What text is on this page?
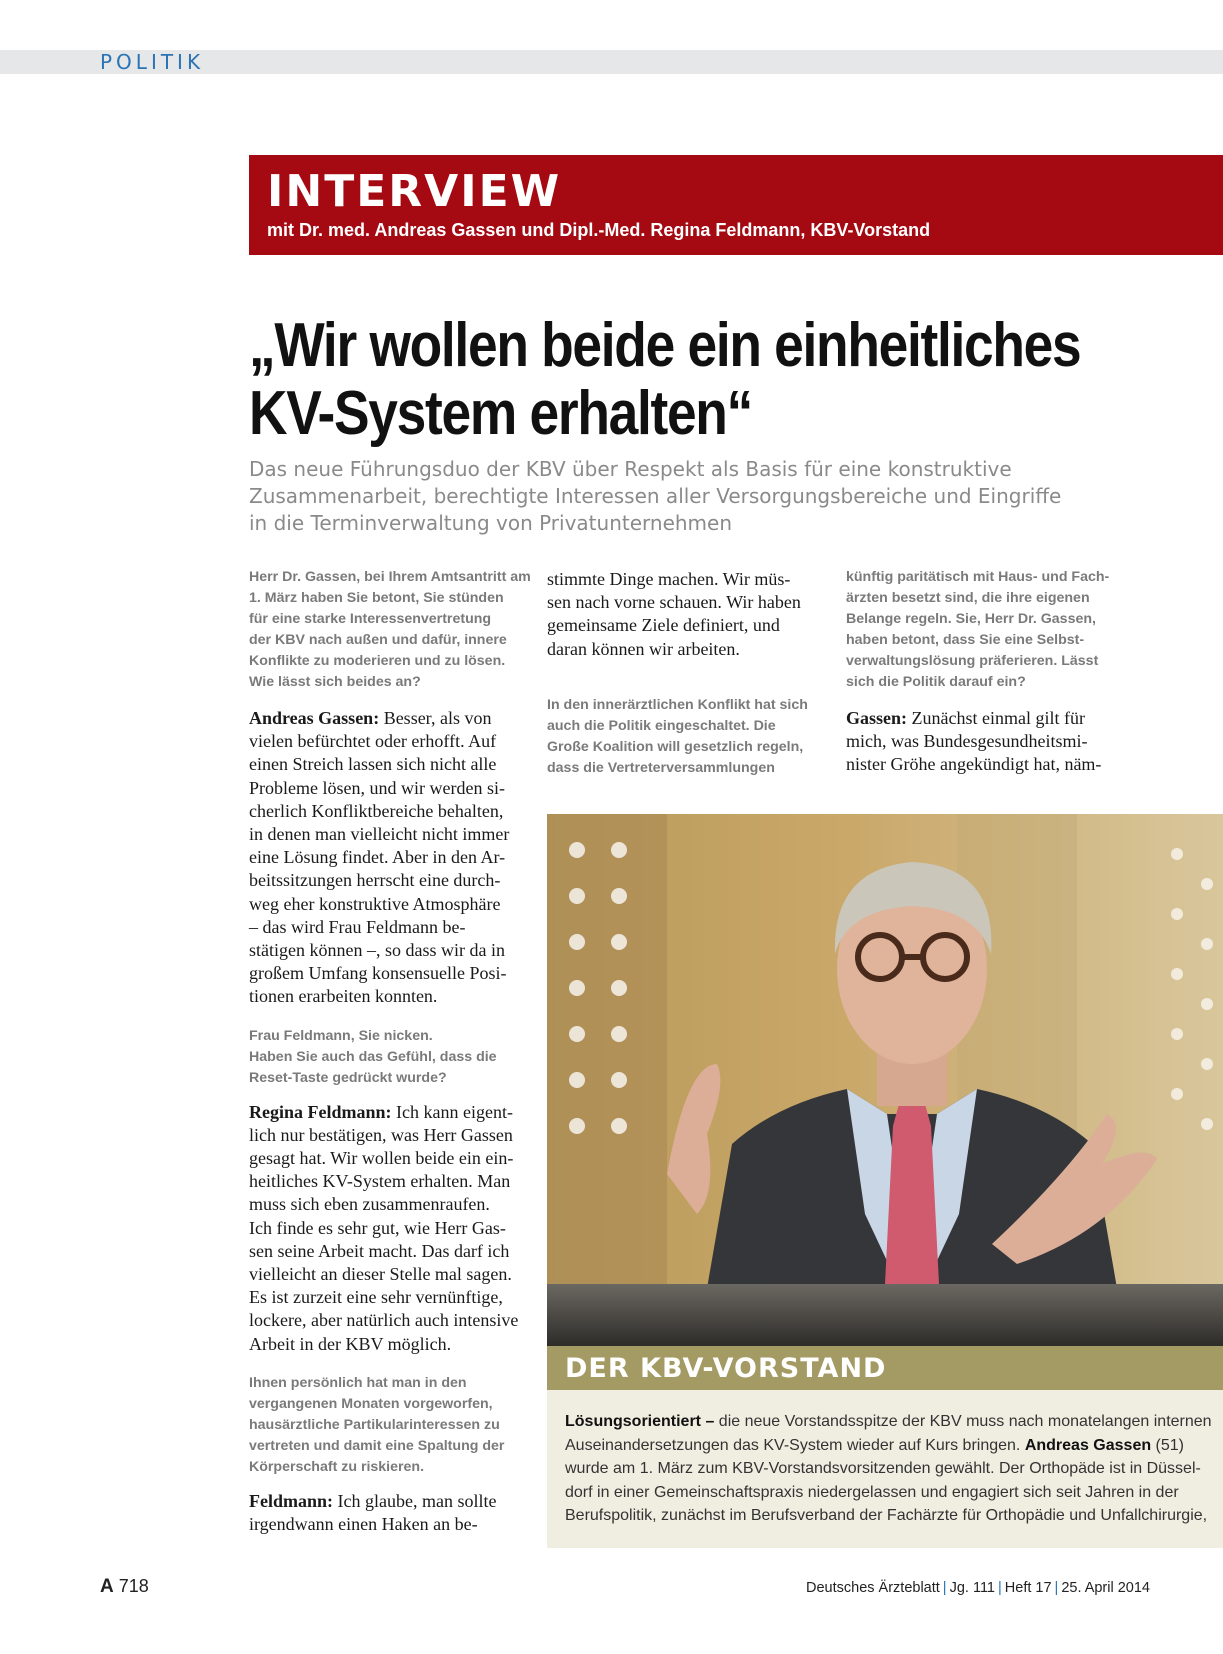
POLITIK
INTERVIEW
mit Dr. med. Andreas Gassen und Dipl.-Med. Regina Feldmann, KBV-Vorstand
„Wir wollen beide ein einheitliches
KV-System erhalten“
Das neue Führungsduo der KBV über Respekt als Basis für eine konstruktive
Zusammenarbeit, berechtigte Interessen aller Versorgungsbereiche und Eingriffe
in die Terminverwaltung von Privatunternehmen
Herr Dr. Gassen, bei Ihrem Amtsantritt am
1. März haben Sie betont, Sie stünden
für eine starke Interessenvertretung
der KBV nach außen und dafür, innere
Konflikte zu moderieren und zu lösen.
Wie lässt sich beides an?
Andreas Gassen: Besser, als von
vielen befürchtet oder erhofft. Auf
einen Streich lassen sich nicht alle
Probleme lösen, und wir werden si-
cherlich Konfliktbereiche behalten,
in denen man vielleicht nicht immer
eine Lösung findet. Aber in den Ar-
beitssitzungen herrscht eine durch-
weg eher konstruktive Atmosphäre
– das wird Frau Feldmann be-
stätigen können –, so dass wir da in
großem Umfang konsensuelle Posi-
tionen erarbeiten konnten.
Frau Feldmann, Sie nicken.
Haben Sie auch das Gefühl, dass die
Reset-Taste gedrückt wurde?
Regina Feldmann: Ich kann eigent-
lich nur bestätigen, was Herr Gassen
gesagt hat. Wir wollen beide ein ein-
heitliches KV-System erhalten. Man
muss sich eben zusammenraufen.
Ich finde es sehr gut, wie Herr Gas-
sen seine Arbeit macht. Das darf ich
vielleicht an dieser Stelle mal sagen.
Es ist zurzeit eine sehr vernünftige,
lockere, aber natürlich auch intensive
Arbeit in der KBV möglich.
Ihnen persönlich hat man in den
vergangenen Monaten vorgeworfen,
hausärztliche Partikularinteressen zu
vertreten und damit eine Spaltung der
Körperschaft zu riskieren.
Feldmann: Ich glaube, man sollte
irgendwann einen Haken an be-
stimmte Dinge machen. Wir müs-
sen nach vorne schauen. Wir haben
gemeinsame Ziele definiert, und
daran können wir arbeiten.
In den innerärztlichen Konflikt hat sich
auch die Politik eingeschaltet. Die
Große Koalition will gesetzlich regeln,
dass die Vertreterversammlungen
künftig paritätisch mit Haus- und Fach-
ärzten besetzt sind, die ihre eigenen
Belange regeln. Sie, Herr Dr. Gassen,
haben betont, dass Sie eine Selbst-
verwaltungslösung präferieren. Lässt
sich die Politik darauf ein?
Gassen: Zunächst einmal gilt für
mich, was Bundesgesundheitsmi-
nister Gröhe angekündigt hat, näm-
DER KBV-VORSTAND
Lösungsorientiert – die neue Vorstandsspitze der KBV muss nach monatelangen internen
Auseinandersetzungen das KV-System wieder auf Kurs bringen. Andreas Gassen (51)
wurde am 1. März zum KBV-Vorstandsvorsitzenden gewählt. Der Orthopäde ist in Düssel-
dorf in einer Gemeinschaftspraxis niedergelassen und engagiert sich seit Jahren in der
Berufspolitik, zunächst im Berufsverband der Fachärzte für Orthopädie und Unfallchirurgie,
A 718	Deutsches Ärzteblatt | Jg. 111 | Heft 17 | 25. April 2014
